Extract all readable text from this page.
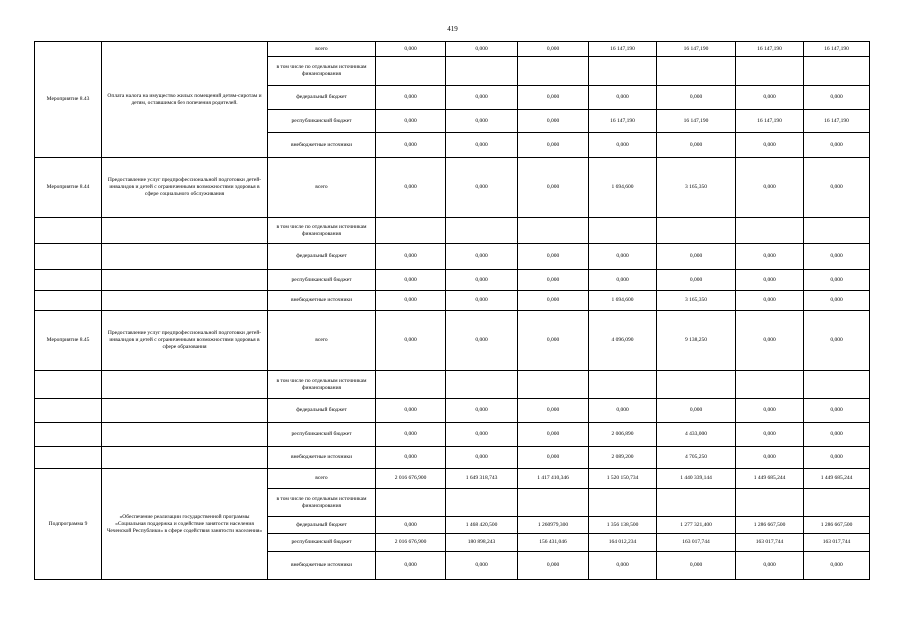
419
Мероприятие 8.43	Оплата налога на имущество жилых помещений детям-сиротам и детям, оставшимся без попечения родителей.	всего	0,000	0,000	0,000	16 147,190	16 147,190	16 147,190	16 147,190
		в том числе по отдельным источникам финансирования							
		федеральный бюджет	0,000	0,000	0,000	0,000	0,000	0,000	0,000
		республиканский бюджет	0,000	0,000	0,000	16 147,190	16 147,190	16 147,190	16 147,190
		внебюджетные источники	0,000	0,000	0,000	0,000	0,000	0,000	0,000
Мероприятие 8.44	Предоставление услуг предпрофессиональной подготовки детей-инвалидов и детей с ограниченными возможностями здоровья в сфере социального обслуживания	всего	0,000	0,000	0,000	1 694,600	3 165,350	0,000	0,000
		в том числе по отдельным источникам финансирования							
		федеральный бюджет	0,000	0,000	0,000	0,000	0,000	0,000	0,000
		республиканский бюджет	0,000	0,000	0,000	0,000	0,000	0,000	0,000
		внебюджетные источники	0,000	0,000	0,000	1 694,600	3 165,350	0,000	0,000
Мероприятие 8.45	Предоставление услуг предпрофессиональной подготовки детей-инвалидов и детей с ограниченными возможностями здоровья в сфере образования	всего	0,000	0,000	0,000	4 096,090	9 138,250	0,000	0,000
		в том числе по отдельным источникам финансирования							
		федеральный бюджет	0,000	0,000	0,000	0,000	0,000	0,000	0,000
		республиканский бюджет	0,000	0,000	0,000	2 006,890	4 433,000	0,000	0,000
		внебюджетные источники	0,000	0,000	0,000	2 089,200	4 705,250	0,000	0,000
Подпрограмма 9	«Обеспечение реализации государственной программы «Социальная поддержка и содействие занятости населения Чеченской Республики» в сфере содействия занятости населения»	всего	2 016 676,900	1 649 318,743	1 417 410,346	1 520 150,734	1 440 339,144	1 449 685,244	1 449 685,244
		в том числе по отдельным источникам финансирования							
		федеральный бюджет	0,000	1 468 420,500	1 260979,300	1 356 138,500	1 277 321,400	1 286 667,500	1 286 667,500
		республиканский бюджет	2 016 676,900	180 898,243	156 431,046	164 012,234	163 017,744	163 017,744	163 017,744
		внебюджетные источники	0,000	0,000	0,000	0,000	0,000	0,000	0,000
